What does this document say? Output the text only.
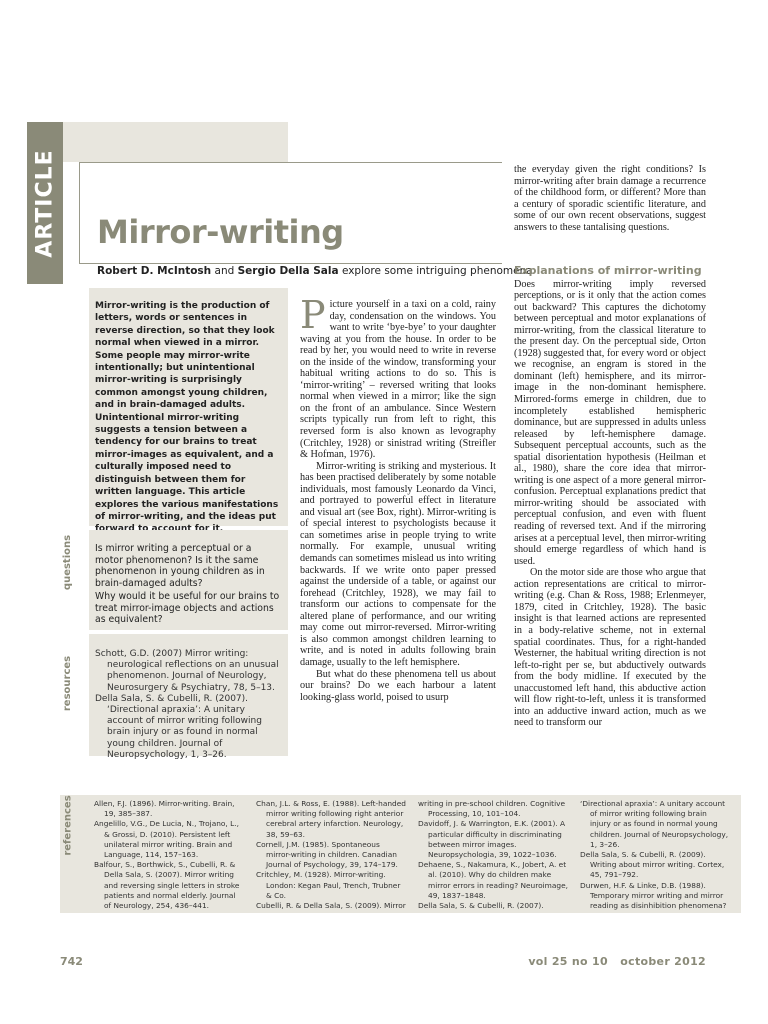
ARTICLE Mirror-writing
Robert D. McIntosh and Sergio Della Sala explore some intriguing phenomena
Mirror-writing is the production of letters, words or sentences in reverse direction, so that they look normal when viewed in a mirror. Some people may mirror-write intentionally; but unintentional mirror-writing is surprisingly common amongst young children, and in brain-damaged adults. Unintentional mirror-writing suggests a tension between a tendency for our brains to treat mirror-images as equivalent, and a culturally imposed need to distinguish between them for written language. This article explores the various manifestations of mirror-writing, and the ideas put
questions Is mirror writing a perceptual or a motor phenomenon? Is it the same phenomenon in young children as in brain-damaged adults?
Why would it be useful for our brains to treat mirror-image objects and actions as equivalent?
resources
Schott, G.D. (2007) Mirror writing: neurological reflections on an unusual phenomenon. Journal of Neurology, Neurosurgery & Psychiatry, 78, 5–13.
Della Sala, S. & Cubelli, R. (2007). ‘Directional apraxia’: A unitary account of mirror writing following brain injury or as found in normal young children. Journal of Neuropsychology, 1, 3–26.
Picture yourself in a taxi on a cold, rainy day, condensation on the windows. You want to write ‘bye-bye’ to your daughter waving at you from the house. In order to be read by her, you would need to write in reverse on the inside of the window, transforming your habitual writing actions to do so. This is ‘mirror-writing’ – reversed writing that looks normal when viewed in a mirror; like the sign on the front of an ambulance. Since Western scripts typically run from left to right, this reversed form is also known as levography (Critchley, 1928) or sinistrad writing (Streifler & Hofman, 1976).
Mirror-writing is striking and mysterious. It has been practised deliberately by some notable individuals, most famously Leonardo da Vinci, and portrayed to powerful effect in literature and visual art (see Box, right). Mirror-writing is of special interest to psychologists because it can sometimes arise in people trying to write normally. For example, unusual writing demands can sometimes mislead us into writing backwards. If we write onto paper pressed against the underside of a table, or against our forehead (Critchley, 1928), we may fail to transform our actions to compensate for the altered plane of performance, and our writing may come out mirror-reversed. Mirror-writing is also common amongst children learning to write, and is noted in adults following brain damage, usually to the left hemisphere.
But what do these phenomena tell us about our brains? Do we each harbour a latent looking-glass world, poised to usurp
the everyday given the right conditions? Is mirror-writing after brain damage a recurrence of the childhood form, or different? More than a century of sporadic scientific literature, and some of our own recent observations, suggest answers to these tantalising questions.
Explanations of mirror-writing
Does mirror-writing imply reversed perceptions, or is it only that the action comes out backward? This captures the dichotomy between perceptual and motor explanations of mirror-writing, from the classical literature to the present day. On the perceptual side, Orton (1928) suggested that, for every word or object we recognise, an engram is stored in the dominant (left) hemisphere, and its mirror-image in the non-dominant hemisphere. Mirrored-forms emerge in children, due to incompletely established hemispheric dominance, but are suppressed in adults unless released by left-hemisphere damage. Subsequent perceptual accounts, such as the spatial disorientation hypothesis (Heilman et al., 1980), share the core idea that mirror-writing is one aspect of a more general mirror-confusion. Perceptual explanations predict that mirror-writing should be associated with perceptual confusion, and even with fluent reading of reversed text. And if the mirroring arises at a perceptual level, then mirror-writing should emerge regardless of which hand is used.
On the motor side are those who argue that action representations are critical to mirror-writing (e.g. Chan & Ross, 1988; Erlenmeyer, 1879, cited in Critchley, 1928). The basic insight is that learned actions are represented in a body-relative scheme, not in external spatial coordinates. Thus, for a right-handed Westerner, the habitual writing direction is not left-to-right per se, but abductively outwards from the body midline. If executed by the unaccustomed left hand, this abductive action will flow right-to-left, unless it is transformed into an adductive inward action, much as we need to transform our
references	Allen, F.J. (1896). Mirror-writing. Brain, 19, 385–387.
Angelillo, V.G., De Lucia, N., Trojano, L., & Grossi, D. (2010). Persistent left unilateral mirror writing. Brain and Language, 114, 157–163.
Balfour, S., Borthwick, S., Cubelli, R. & Della Sala, S. (2007). Mirror writing and reversing single letters in stroke patients and normal elderly. Journal of Neurology, 254, 436–441.
Chan, J.L. & Ross, E. (1988). Left-handed mirror writing following right anterior cerebral artery infarction. Neurology, 38, 59–63.
Cornell, J.M. (1985). Spontaneous mirror-writing in children. Canadian Journal of Psychology, 39, 174–179.
Critchley, M. (1928). Mirror-writing. London: Kegan Paul, Trench, Trubner & Co.
Cubelli, R. & Della Sala, S. (2009). Mirror
writing in pre-school children. Cognitive Processing, 10, 101–104.
Davidoff, J. & Warrington, E.K. (2001). A particular difficulty in discriminating between mirror images. Neuropsychologia, 39, 1022–1036.
Dehaene, S., Nakamura, K., Jobert, A. et al. (2010). Why do children make mirror errors in reading? Neuroimage, 49, 1837–1848.
Della Sala, S. & Cubelli, R. (2007).
‘Directional apraxia’: A unitary account of mirror writing following brain injury or as found in normal young children. Journal of Neuropsychology, 1, 3–26.
Della Sala, S. & Cubelli, R. (2009). Writing about mirror writing. Cortex, 45, 791–792.
Durwen, H.F. & Linke, D.B. (1988). Temporary mirror writing and mirror reading as disinhibition phenomena?
742	vol 25 no 10   october 2012
